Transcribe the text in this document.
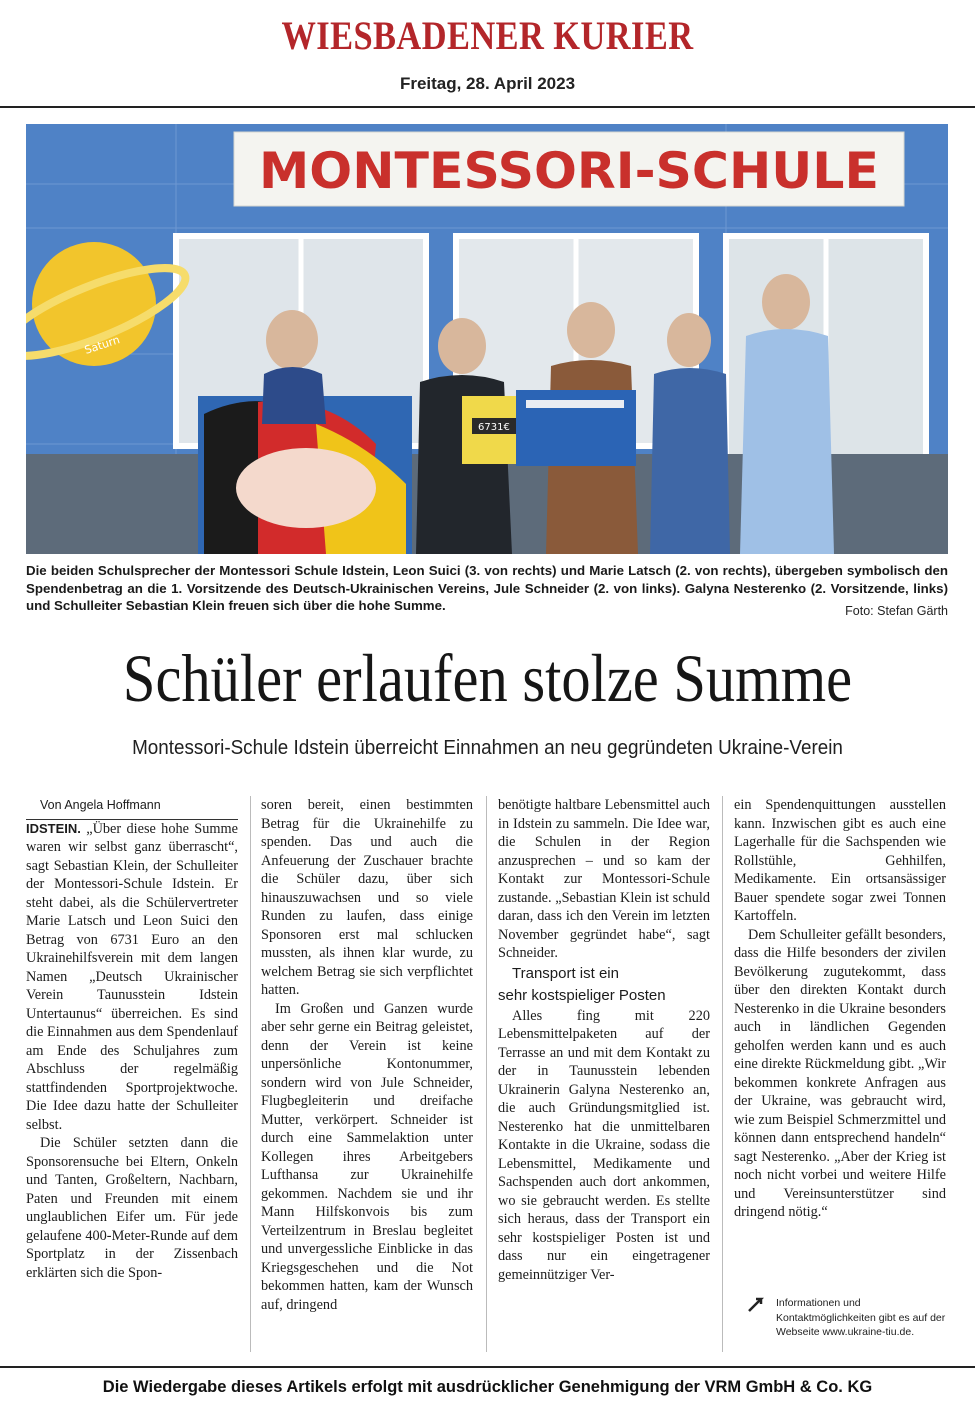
WIESBADENER KURIER
Freitag, 28. April 2023
MONTESSORI-SCHULE
Saturn
6731€
Die beiden Schulsprecher der Montessori Schule Idstein, Leon Suici (3. von rechts) und Marie Latsch (2. von rechts), übergeben symbolisch den Spendenbetrag an die 1. Vorsitzende des Deutsch-Ukrainischen Vereins, Jule Schneider (2. von links). Galyna Nesterenko (2. Vorsitzende, links) und Schulleiter Sebastian Klein freuen sich über die hohe Summe.	Foto: Stefan Gärth
Schüler erlaufen stolze Summe
Montessori-Schule Idstein überreicht Einnahmen an neu gegründeten Ukraine-Verein

Von Angela Hoffmann

IDSTEIN. „Über diese hohe Summe waren wir selbst ganz überrascht“, sagt Sebastian Klein, der Schulleiter der Montessori-Schule Idstein. Er steht dabei, als die Schülervertreter Marie Latsch und Leon Suici den Betrag von 6731 Euro an den Ukrainehilfsverein mit dem langen Namen „Deutsch Ukrainischer Verein Taunusstein Idstein Untertaunus“ überreichen. Es sind die Einnahmen aus dem Spendenlauf am Ende des Schuljahres zum Abschluss der regelmäßig stattfindenden Sportprojektwoche. Die Idee dazu hatte der Schulleiter selbst.

Die Schüler setzten dann die Sponsorensuche bei Eltern, Onkeln und Tanten, Großeltern, Nachbarn, Paten und Freunden mit einem unglaublichen Eifer um. Für jede gelaufene 400-Meter-Runde auf dem Sportplatz in der Zissenbach erklärten sich die Spon-

soren bereit, einen bestimmten Betrag für die Ukrainehilfe zu spenden. Das und auch die Anfeuerung der Zuschauer brachte die Schüler dazu, über sich hinauszuwachsen und so viele Runden zu laufen, dass einige Sponsoren erst mal schlucken mussten, als ihnen klar wurde, zu welchem Betrag sie sich verpflichtet hatten.

Im Großen und Ganzen wurde aber sehr gerne ein Beitrag geleistet, denn der Verein ist keine unpersönliche Kontonummer, sondern wird von Jule Schneider, Flugbegleiterin und dreifache Mutter, verkörpert. Schneider ist durch eine Sammelaktion unter Kollegen ihres Arbeitgebers Lufthansa zur Ukrainehilfe gekommen. Nachdem sie und ihr Mann Hilfskonvois bis zum Verteilzentrum in Breslau begleitet und unvergessliche Einblicke in das Kriegsgeschehen und die Not bekommen hatten, kam der Wunsch auf, dringend

benötigte haltbare Lebensmittel auch in Idstein zu sammeln. Die Idee war, die Schulen in der Region anzusprechen – und so kam der Kontakt zur Montessori-Schule zustande. „Sebastian Klein ist schuld daran, dass ich den Verein im letzten November gegründet habe“, sagt Schneider.

Transport ist ein
sehr kostspieliger Posten

Alles fing mit 220 Lebensmittelpaketen auf der Terrasse an und mit dem Kontakt zu der in Taunusstein lebenden Ukrainerin Galyna Nesterenko an, die auch Gründungsmitglied ist. Nesterenko hat die unmittelbaren Kontakte in die Ukraine, sodass die Lebensmittel, Medikamente und Sachspenden auch dort ankommen, wo sie gebraucht werden. Es stellte sich heraus, dass der Transport ein sehr kostspieliger Posten ist und dass nur ein eingetragener gemeinnütziger Ver-

ein Spendenquittungen ausstellen kann. Inzwischen gibt es auch eine Lagerhalle für die Sachspenden wie Rollstühle, Gehhilfen, Medikamente. Ein ortsansässiger Bauer spendete sogar zwei Tonnen Kartoffeln.

Dem Schulleiter gefällt besonders, dass die Hilfe besonders der zivilen Bevölkerung zugutekommt, dass über den direkten Kontakt durch Nesterenko in die Ukraine besonders auch in ländlichen Gegenden geholfen werden kann und es auch eine direkte Rückmeldung gibt. „Wir bekommen konkrete Anfragen aus der Ukraine, was gebraucht wird, wie zum Beispiel Schmerzmittel und können dann entsprechend handeln“ sagt Nesterenko. „Aber der Krieg ist noch nicht vorbei und weitere Hilfe und Vereinsunterstützer sind dringend nötig.“

Informationen und Kontaktmöglichkeiten gibt es auf der Webseite www.ukraine-tiu.de.
Die Wiedergabe dieses Artikels erfolgt mit ausdrücklicher Genehmigung der VRM GmbH & Co. KG
